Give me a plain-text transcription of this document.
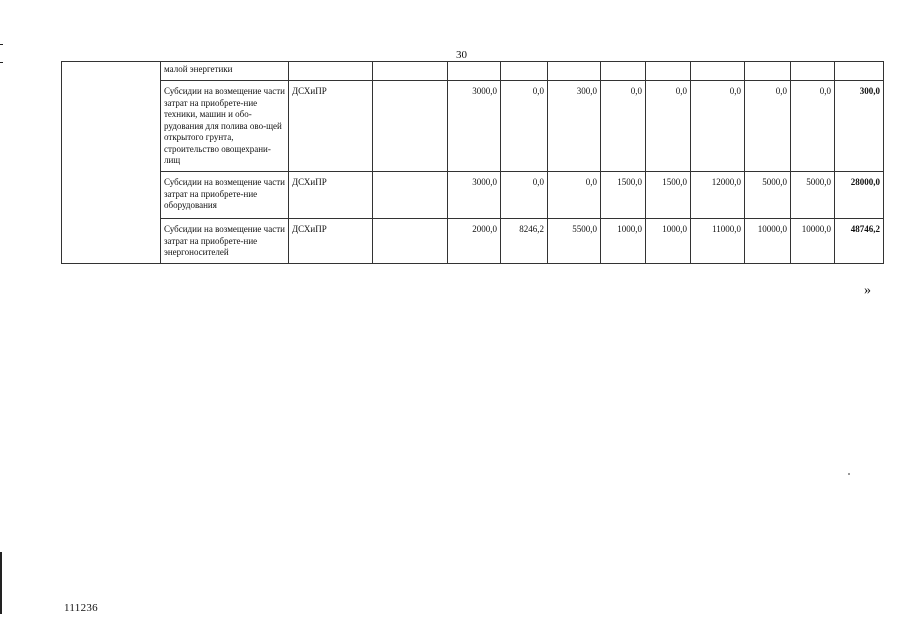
30
	малой энергетики											
	Субсидии на возмещение части затрат на приобрете-ние техники, машин и обо-рудования для полива ово-щей открытого грунта, строительство овощехрани-лищ	ДСХиПР		3000,0	0,0	300,0	0,0	0,0	0,0	0,0	0,0	300,0
	Субсидии на возмещение части затрат на приобрете-ние оборудования	ДСХиПР		3000,0	0,0	0,0	1500,0	1500,0	12000,0	5000,0	5000,0	28000,0
	Субсидии на возмещение части затрат на приобрете-ние энергоносителей	ДСХиПР		2000,0	8246,2	5500,0	1000,0	1000,0	11000,0	10000,0	10000,0	48746,2
»
111236
